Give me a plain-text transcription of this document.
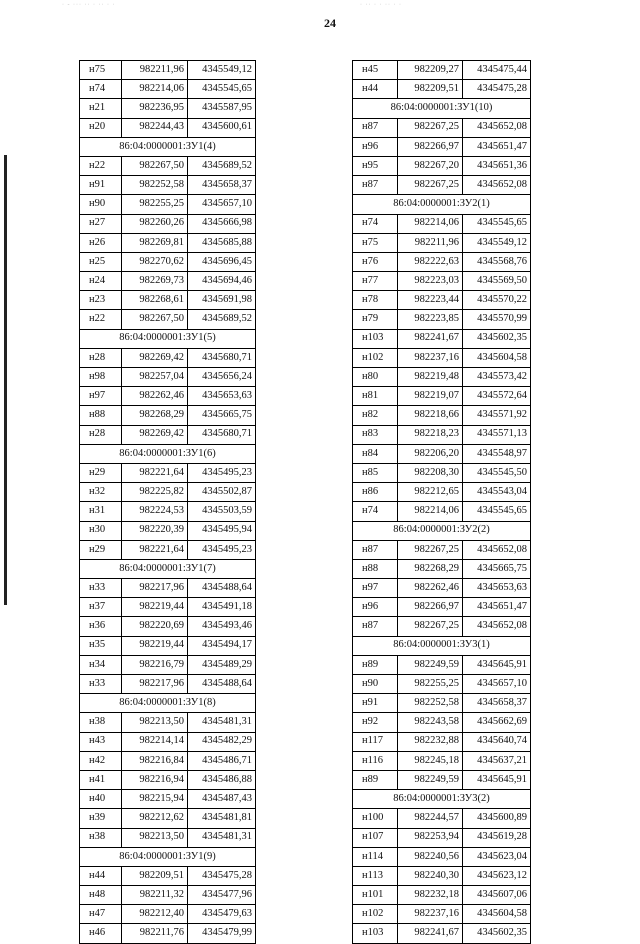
· - ··· ·· · ·· · ·	· ·· · · ·· · ·
24
н75	982211,96	4345549,12
н74	982214,06	4345545,65
н21	982236,95	4345587,95
н20	982244,43	4345600,61
86:04:0000001:ЗУ1(4)		
н22	982267,50	4345689,52
н91	982252,58	4345658,37
н90	982255,25	4345657,10
н27	982260,26	4345666,98
н26	982269,81	4345685,88
н25	982270,62	4345696,45
н24	982269,73	4345694,46
н23	982268,61	4345691,98
н22	982267,50	4345689,52
86:04:0000001:ЗУ1(5)		
н28	982269,42	4345680,71
н98	982257,04	4345656,24
н97	982262,46	4345653,63
н88	982268,29	4345665,75
н28	982269,42	4345680,71
86:04:0000001:ЗУ1(6)		
н29	982221,64	4345495,23
н32	982225,82	4345502,87
н31	982224,53	4345503,59
н30	982220,39	4345495,94
н29	982221,64	4345495,23
86:04:0000001:ЗУ1(7)		
н33	982217,96	4345488,64
н37	982219,44	4345491,18
н36	982220,69	4345493,46
н35	982219,44	4345494,17
н34	982216,79	4345489,29
н33	982217,96	4345488,64
86:04:0000001:ЗУ1(8)		
н38	982213,50	4345481,31
н43	982214,14	4345482,29
н42	982216,84	4345486,71
н41	982216,94	4345486,88
н40	982215,94	4345487,43
н39	982212,62	4345481,81
н38	982213,50	4345481,31
86:04:0000001:ЗУ1(9)		
н44	982209,51	4345475,28
н48	982211,32	4345477,96
н47	982212,40	4345479,63
н46	982211,76	4345479,99
н45	982209,27	4345475,44
н44	982209,51	4345475,28
86:04:0000001:ЗУ1(10)		
н87	982267,25	4345652,08
н96	982266,97	4345651,47
н95	982267,20	4345651,36
н87	982267,25	4345652,08
86:04:0000001:ЗУ2(1)		
н74	982214,06	4345545,65
н75	982211,96	4345549,12
н76	982222,63	4345568,76
н77	982223,03	4345569,50
н78	982223,44	4345570,22
н79	982223,85	4345570,99
н103	982241,67	4345602,35
н102	982237,16	4345604,58
н80	982219,48	4345573,42
н81	982219,07	4345572,64
н82	982218,66	4345571,92
н83	982218,23	4345571,13
н84	982206,20	4345548,97
н85	982208,30	4345545,50
н86	982212,65	4345543,04
н74	982214,06	4345545,65
86:04:0000001:ЗУ2(2)		
н87	982267,25	4345652,08
н88	982268,29	4345665,75
н97	982262,46	4345653,63
н96	982266,97	4345651,47
н87	982267,25	4345652,08
86:04:0000001:ЗУ3(1)		
н89	982249,59	4345645,91
н90	982255,25	4345657,10
н91	982252,58	4345658,37
н92	982243,58	4345662,69
н117	982232,88	4345640,74
н116	982245,18	4345637,21
н89	982249,59	4345645,91
86:04:0000001:ЗУ3(2)		
н100	982244,57	4345600,89
н107	982253,94	4345619,28
н114	982240,56	4345623,04
н113	982240,30	4345623,12
н101	982232,18	4345607,06
н102	982237,16	4345604,58
н103	982241,67	4345602,35
